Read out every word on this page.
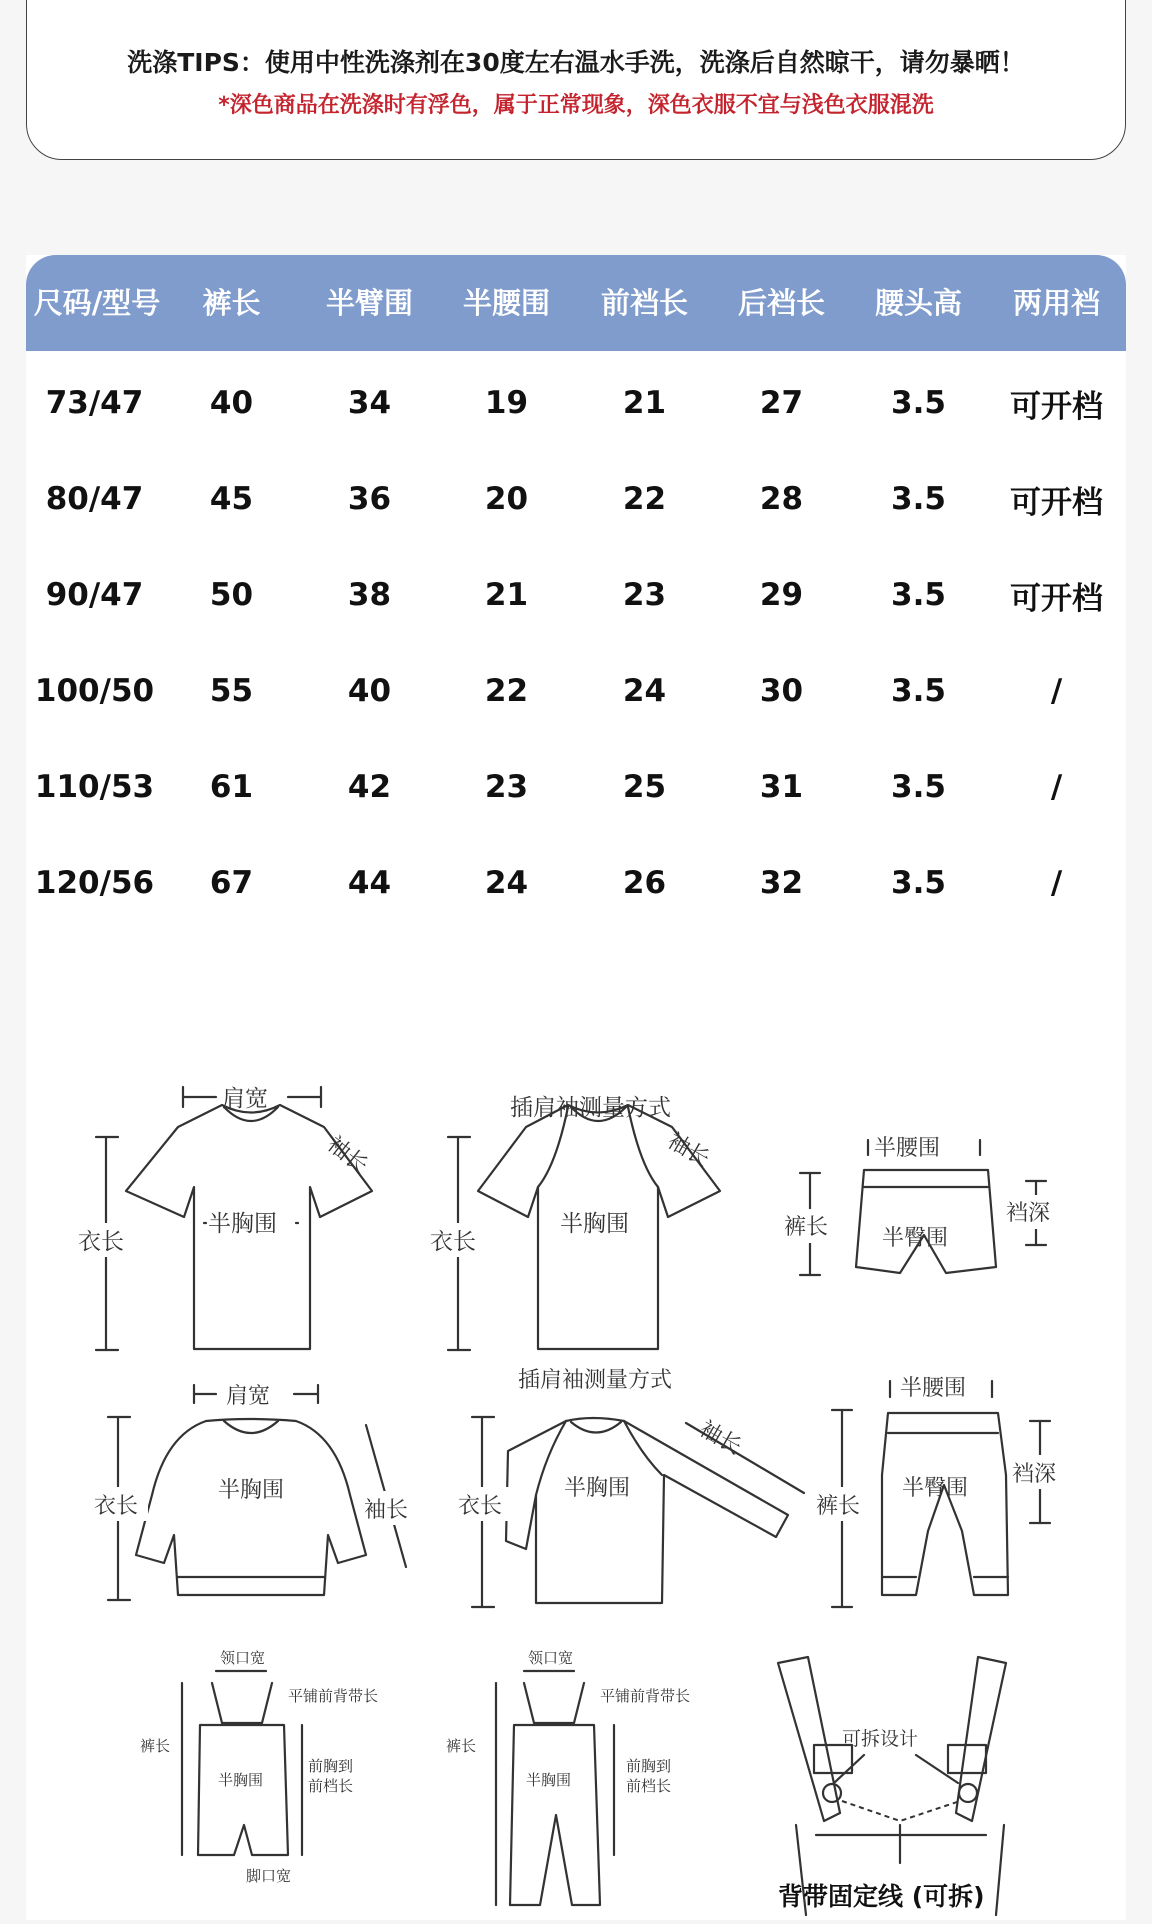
洗涤TIPS：使用中性洗涤剂在30度左右温水手洗，洗涤后自然晾干，请勿暴晒！
*深色商品在洗涤时有浮色，属于正常现象，深色衣服不宜与浅色衣服混洗
尺码/型号	裤长	半臂围	半腰围	前裆长	后裆长	腰头高	两用裆
73/47	40	34	19	21	27	3.5	可开档
80/47	45	36	20	22	28	3.5	可开档
90/47	50	38	21	23	29	3.5	可开档
100/50	55	40	22	24	30	3.5	/
110/53	61	42	23	25	31	3.5	/
120/56	67	44	24	26	32	3.5	/
肩宽
袖长
衣长
半胸围
插肩袖测量方式
袖长
衣长
半胸围
半腰围
裤长 半臀围
裆深
肩宽
衣长
半胸围
袖长
插肩袖测量方式
袖长
衣长
半胸围
半腰围
裤长
半臀围
裆深
领口宽
平铺前背带长
裤长
半胸围
前胸到
前档长
脚口宽
领口宽
平铺前背带长
裤长
半胸围
前胸到
前档长
可拆设计
背带固定线 (可拆)
